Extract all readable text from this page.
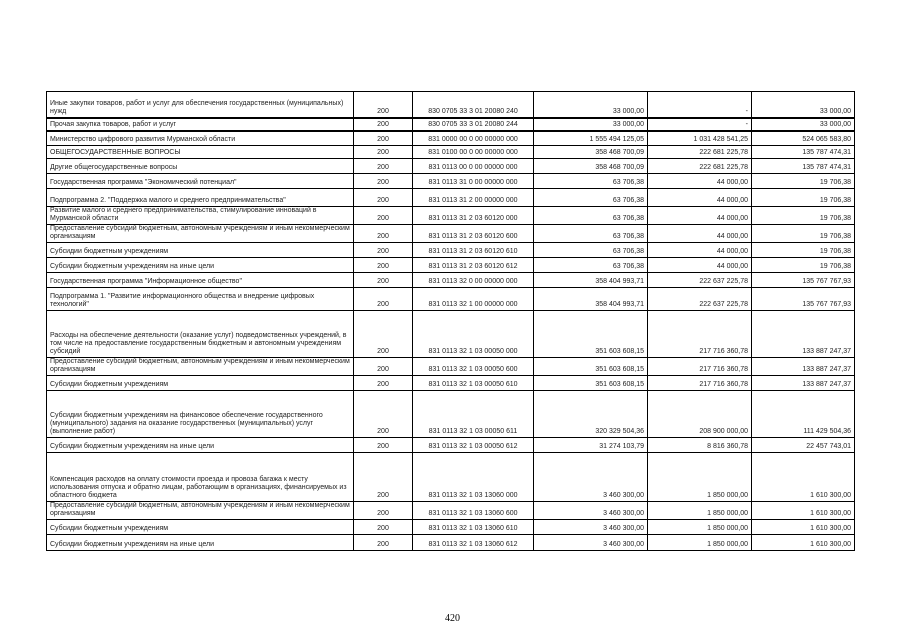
Иные закупки товаров, работ и услуг для обеспечения государственных (муниципальных) нужд	200	830 0705 33 3 01 20080 240	33 000,00	-	33 000,00
Прочая закупка товаров, работ и услуг	200	830 0705 33 3 01 20080 244	33 000,00	-	33 000,00
Министерство цифрового развития Мурманской области	200	831 0000 00 0 00 00000 000	1 555 494 125,05	1 031 428 541,25	524 065 583,80
ОБЩЕГОСУДАРСТВЕННЫЕ ВОПРОСЫ	200	831 0100 00 0 00 00000 000	358 468 700,09	222 681 225,78	135 787 474,31
Другие общегосударственные вопросы	200	831 0113 00 0 00 00000 000	358 468 700,09	222 681 225,78	135 787 474,31
Государственная программа "Экономический потенциал"	200	831 0113 31 0 00 00000 000	63 706,38	44 000,00	19 706,38
Подпрограмма 2. "Поддержка малого и среднего предпринимательства"	200	831 0113 31 2 00 00000 000	63 706,38	44 000,00	19 706,38
Развитие малого и среднего предпринимательства, стимулирование инноваций в Мурманской области	200	831 0113 31 2 03 60120 000	63 706,38	44 000,00	19 706,38
Предоставление субсидий бюджетным, автономным учреждениям и иным некоммерческим организациям	200	831 0113 31 2 03 60120 600	63 706,38	44 000,00	19 706,38
Субсидии бюджетным учреждениям	200	831 0113 31 2 03 60120 610	63 706,38	44 000,00	19 706,38
Субсидии бюджетным учреждениям на иные цели	200	831 0113 31 2 03 60120 612	63 706,38	44 000,00	19 706,38
Государственная программа "Информационное общество"	200	831 0113 32 0 00 00000 000	358 404 993,71	222 637 225,78	135 767 767,93
Подпрограмма 1. "Развитие информационного общества и внедрение цифровых технологий"	200	831 0113 32 1 00 00000 000	358 404 993,71	222 637 225,78	135 767 767,93
Расходы на обеспечение деятельности (оказание услуг) подведомственных учреждений, в том числе на предоставление государственным бюджетным и автономным учреждениям субсидий	200	831 0113 32 1 03 00050 000	351 603 608,15	217 716 360,78	133 887 247,37
Предоставление субсидий бюджетным, автономным учреждениям и иным некоммерческим организациям	200	831 0113 32 1 03 00050 600	351 603 608,15	217 716 360,78	133 887 247,37
Субсидии бюджетным учреждениям	200	831 0113 32 1 03 00050 610	351 603 608,15	217 716 360,78	133 887 247,37
Субсидии бюджетным учреждениям на финансовое обеспечение государственного (муниципального) задания на оказание государственных (муниципальных) услуг (выполнение работ)	200	831 0113 32 1 03 00050 611	320 329 504,36	208 900 000,00	111 429 504,36
Субсидии бюджетным учреждениям на иные цели	200	831 0113 32 1 03 00050 612	31 274 103,79	8 816 360,78	22 457 743,01
Компенсация расходов на оплату стоимости проезда и провоза багажа к месту использования отпуска и обратно лицам, работающим в организациях, финансируемых из областного бюджета	200	831 0113 32 1 03 13060 000	3 460 300,00	1 850 000,00	1 610 300,00
Предоставление субсидий бюджетным, автономным учреждениям и иным некоммерческим организациям	200	831 0113 32 1 03 13060 600	3 460 300,00	1 850 000,00	1 610 300,00
Субсидии бюджетным учреждениям	200	831 0113 32 1 03 13060 610	3 460 300,00	1 850 000,00	1 610 300,00
Субсидии бюджетным учреждениям на иные цели	200	831 0113 32 1 03 13060 612	3 460 300,00	1 850 000,00	1 610 300,00
420
